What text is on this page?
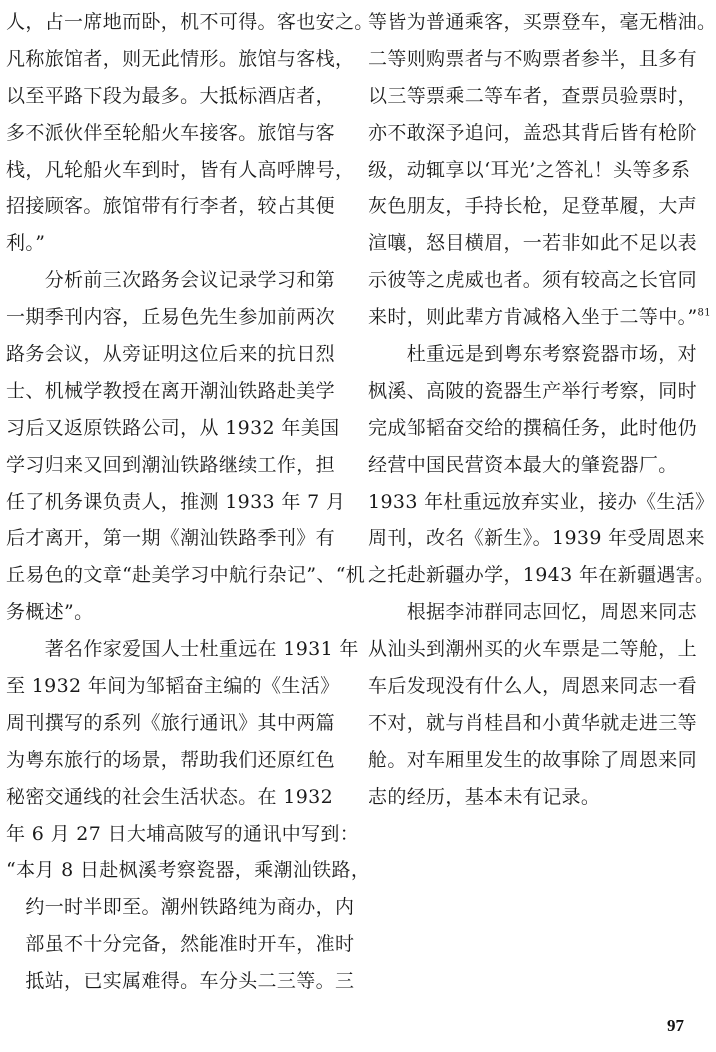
人，占一席地而卧，机不可得。客也安之。
凡称旅馆者，则无此情形。旅馆与客栈，
以至平路下段为最多。大抵标酒店者，
多不派伙伴至轮船火车接客。旅馆与客
栈，凡轮船火车到时，皆有人高呼牌号，
招接顾客。旅馆带有行李者，较占其便
利。”
　　分析前三次路务会议记录学习和第
一期季刊内容，丘易色先生参加前两次
路务会议，从旁证明这位后来的抗日烈
士、机械学教授在离开潮汕铁路赴美学
习后又返原铁路公司，从 1932 年美国
学习归来又回到潮汕铁路继续工作，担
任了机务课负责人，推测 1933 年 7 月
后才离开，第一期《潮汕铁路季刊》有
丘易色的文章“赴美学习中航行杂记”、“机
务概述”。
　　著名作家爱国人士杜重远在 1931 年
至 1932 年间为邹韬奋主编的《生活》
周刊撰写的系列《旅行通讯》其中两篇
为粤东旅行的场景，帮助我们还原红色
秘密交通线的社会生活状态。在 1932
年 6 月 27 日大埔高陂写的通讯中写到：
“本月 8 日赴枫溪考察瓷器，乘潮汕铁路，
　约一时半即至。潮州铁路纯为商办，内
　部虽不十分完备，然能准时开车，准时
　抵站，已实属难得。车分头二三等。三
等皆为普通乘客，买票登车，毫无楷油。
二等则购票者与不购票者参半，且多有
以三等票乘二等车者，查票员验票时，
亦不敢深予追问，盖恐其背后皆有枪阶
级，动辄享以‘耳光’之答礼！头等多系
灰色朋友，手持长枪，足登革履，大声
渲嚷，怒目横眉，一若非如此不足以表
示彼等之虎威也者。须有较高之长官同
来时，则此辈方肯减格入坐于二等中。”$^{81}$
　　杜重远是到粤东考察瓷器市场，对
枫溪、高陂的瓷器生产举行考察，同时
完成邹韬奋交给的撰稿任务，此时他仍
经营中国民营资本最大的肇瓷器厂。
1933 年杜重远放弃实业，接办《生活》
周刊，改名《新生》。1939 年受周恩来
之托赴新疆办学，1943 年在新疆遇害。
　　根据李沛群同志回忆，周恩来同志
从汕头到潮州买的火车票是二等舱，上
车后发现没有什么人，周恩来同志一看
不对，就与肖桂昌和小黄华就走进三等
舱。对车厢里发生的故事除了周恩来同
志的经历，基本未有记录。
97
